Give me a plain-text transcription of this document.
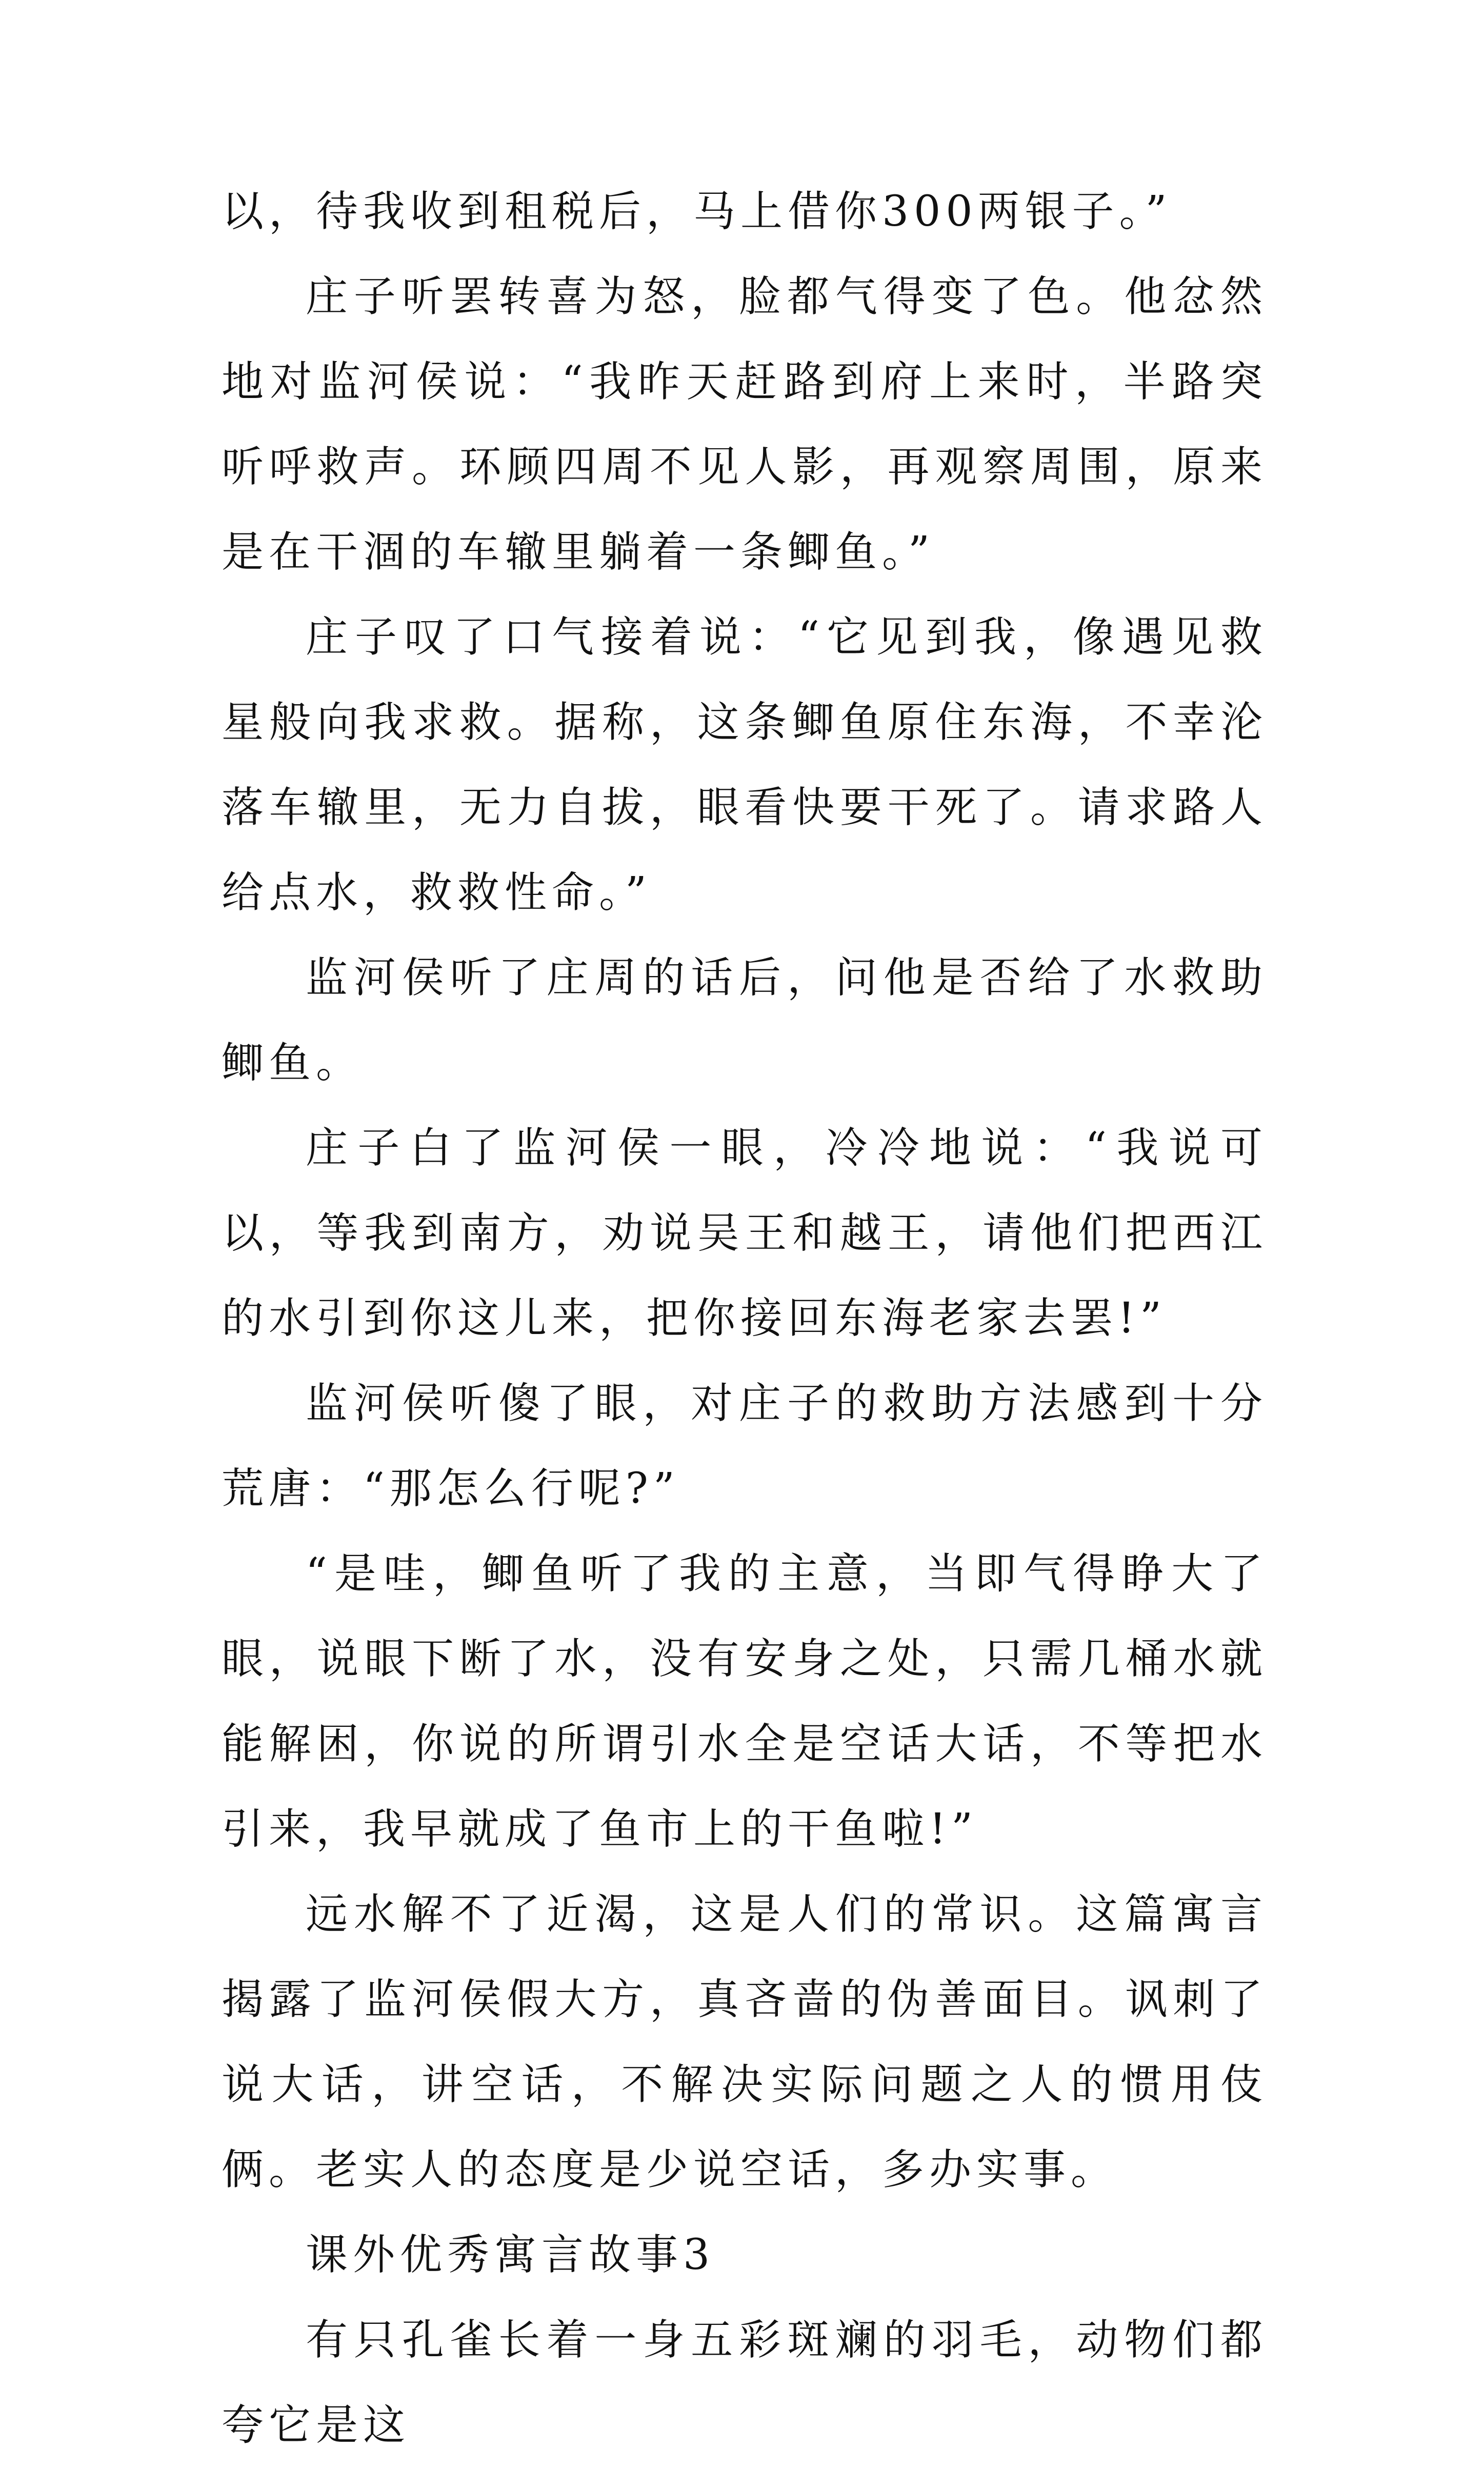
以，待我收到租税后，马上借你300两银子。”

庄子听罢转喜为怒，脸都气得变了色。他忿然地对监河侯说：“我昨天赶路到府上来时，半路突听呼救声。环顾四周不见人影，再观察周围，原来是在干涸的车辙里躺着一条鲫鱼。”

庄子叹了口气接着说：“它见到我，像遇见救星般向我求救。据称，这条鲫鱼原住东海，不幸沦落车辙里，无力自拔，眼看快要干死了。请求路人给点水，救救性命。”

监河侯听了庄周的话后，问他是否给了水救助鲫鱼。

庄子白了监河侯一眼，冷冷地说：“我说可以，等我到南方，劝说吴王和越王，请他们把西江的水引到你这儿来，把你接回东海老家去罢!”

监河侯听傻了眼，对庄子的救助方法感到十分荒唐：“那怎么行呢?”

“是哇，鲫鱼听了我的主意，当即气得睁大了眼，说眼下断了水，没有安身之处，只需几桶水就能解困，你说的所谓引水全是空话大话，不等把水引来，我早就成了鱼市上的干鱼啦!”

远水解不了近渴，这是人们的常识。这篇寓言揭露了监河侯假大方，真吝啬的伪善面目。讽刺了说大话，讲空话，不解决实际问题之人的惯用伎俩。老实人的态度是少说空话，多办实事。

课外优秀寓言故事3

有只孔雀长着一身五彩斑斓的羽毛，动物们都夸它是这
